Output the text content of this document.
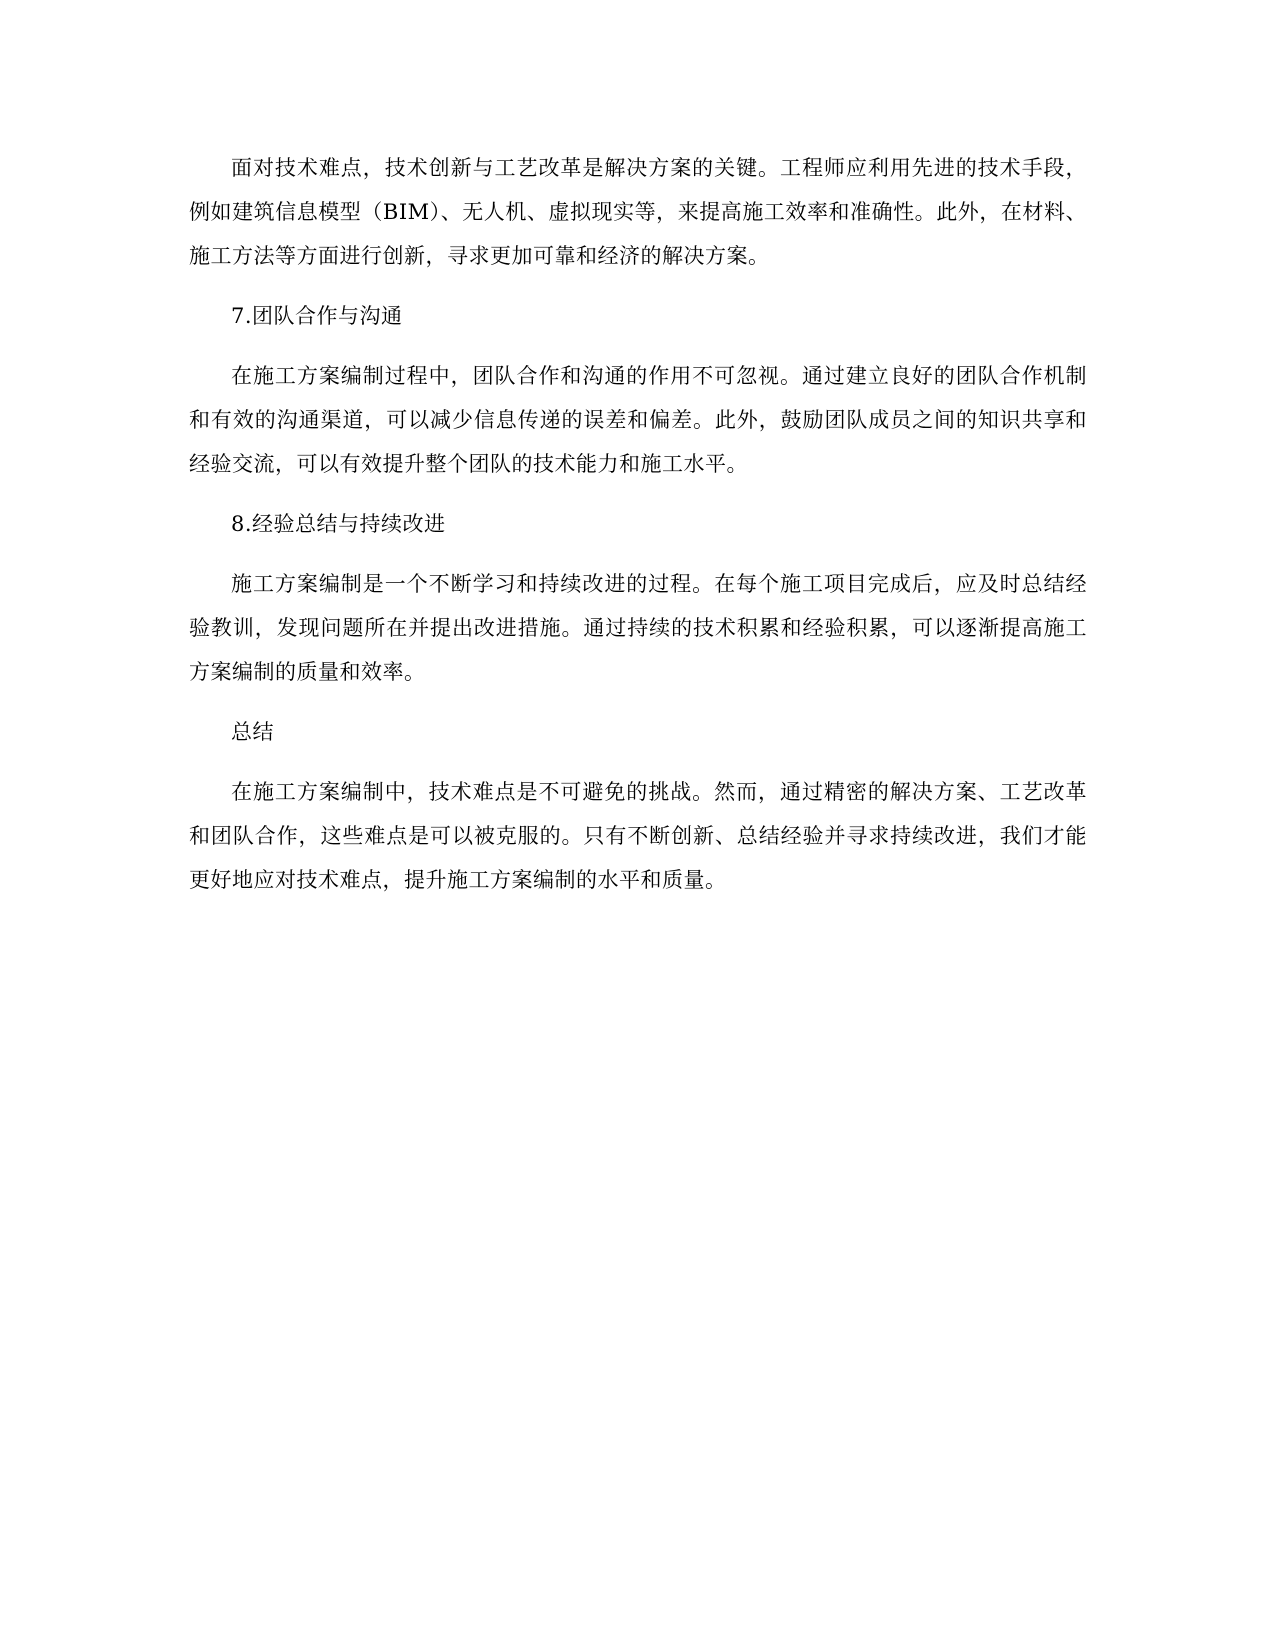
面对技术难点，技术创新与工艺改革是解决方案的关键。工程师应利用先进的技术手段，例如建筑信息模型（BIM）、无人机、虚拟现实等，来提高施工效率和准确性。此外，在材料、施工方法等方面进行创新，寻求更加可靠和经济的解决方案。

7.团队合作与沟通

在施工方案编制过程中，团队合作和沟通的作用不可忽视。通过建立良好的团队合作机制和有效的沟通渠道，可以减少信息传递的误差和偏差。此外，鼓励团队成员之间的知识共享和经验交流，可以有效提升整个团队的技术能力和施工水平。

8.经验总结与持续改进

施工方案编制是一个不断学习和持续改进的过程。在每个施工项目完成后，应及时总结经验教训，发现问题所在并提出改进措施。通过持续的技术积累和经验积累，可以逐渐提高施工方案编制的质量和效率。

总结

在施工方案编制中，技术难点是不可避免的挑战。然而，通过精密的解决方案、工艺改革和团队合作，这些难点是可以被克服的。只有不断创新、总结经验并寻求持续改进，我们才能更好地应对技术难点，提升施工方案编制的水平和质量。
